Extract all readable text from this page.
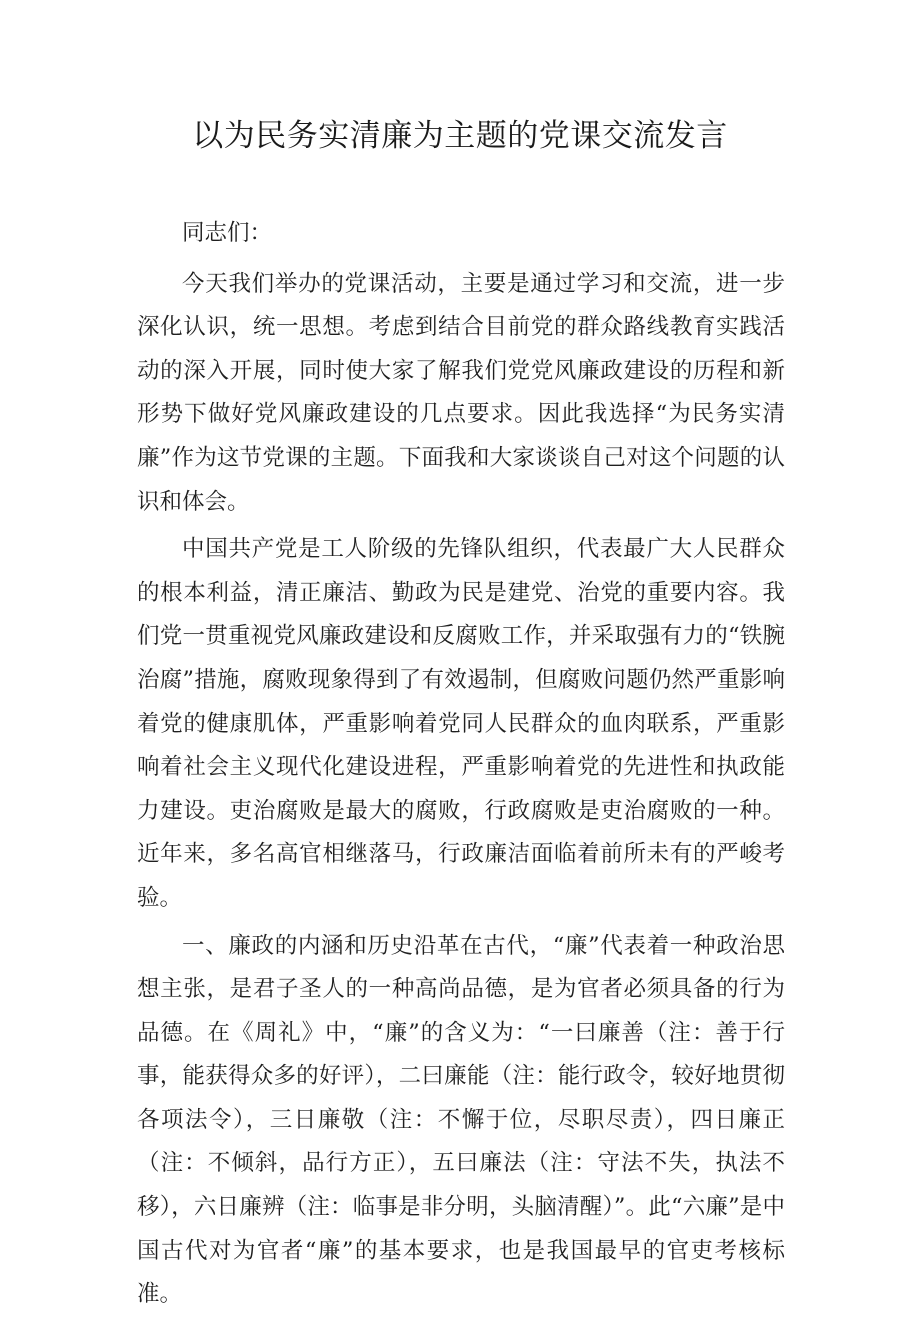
以为民务实清廉为主题的党课交流发言

同志们：

今天我们举办的党课活动，主要是通过学习和交流，进一步深化认识，统一思想。考虑到结合目前党的群众路线教育实践活动的深入开展，同时使大家了解我们党党风廉政建设的历程和新形势下做好党风廉政建设的几点要求。因此我选择“为民务实清廉”作为这节党课的主题。下面我和大家谈谈自己对这个问题的认识和体会。

中国共产党是工人阶级的先锋队组织，代表最广大人民群众的根本利益，清正廉洁、勤政为民是建党、治党的重要内容。我们党一贯重视党风廉政建设和反腐败工作，并采取强有力的“铁腕治腐”措施，腐败现象得到了有效遏制，但腐败问题仍然严重影响着党的健康肌体，严重影响着党同人民群众的血肉联系，严重影响着社会主义现代化建设进程，严重影响着党的先进性和执政能力建设。吏治腐败是最大的腐败，行政腐败是吏治腐败的一种。近年来，多名高官相继落马，行政廉洁面临着前所未有的严峻考验。

一、廉政的内涵和历史沿革在古代，“廉”代表着一种政治思想主张，是君子圣人的一种高尚品德，是为官者必须具备的行为品德。在《周礼》中，“廉”的含义为：“一曰廉善（注：善于行事，能获得众多的好评），二曰廉能（注：能行政令，较好地贯彻各项法令），三日廉敬（注：不懈于位，尽职尽责），四日廉正（注：不倾斜，品行方正），五曰廉法（注：守法不失，执法不移），六日廉辨（注：临事是非分明，头脑清醒）”。此“六廉”是中国古代对为官者“廉”的基本要求，也是我国最早的官吏考核标准。
